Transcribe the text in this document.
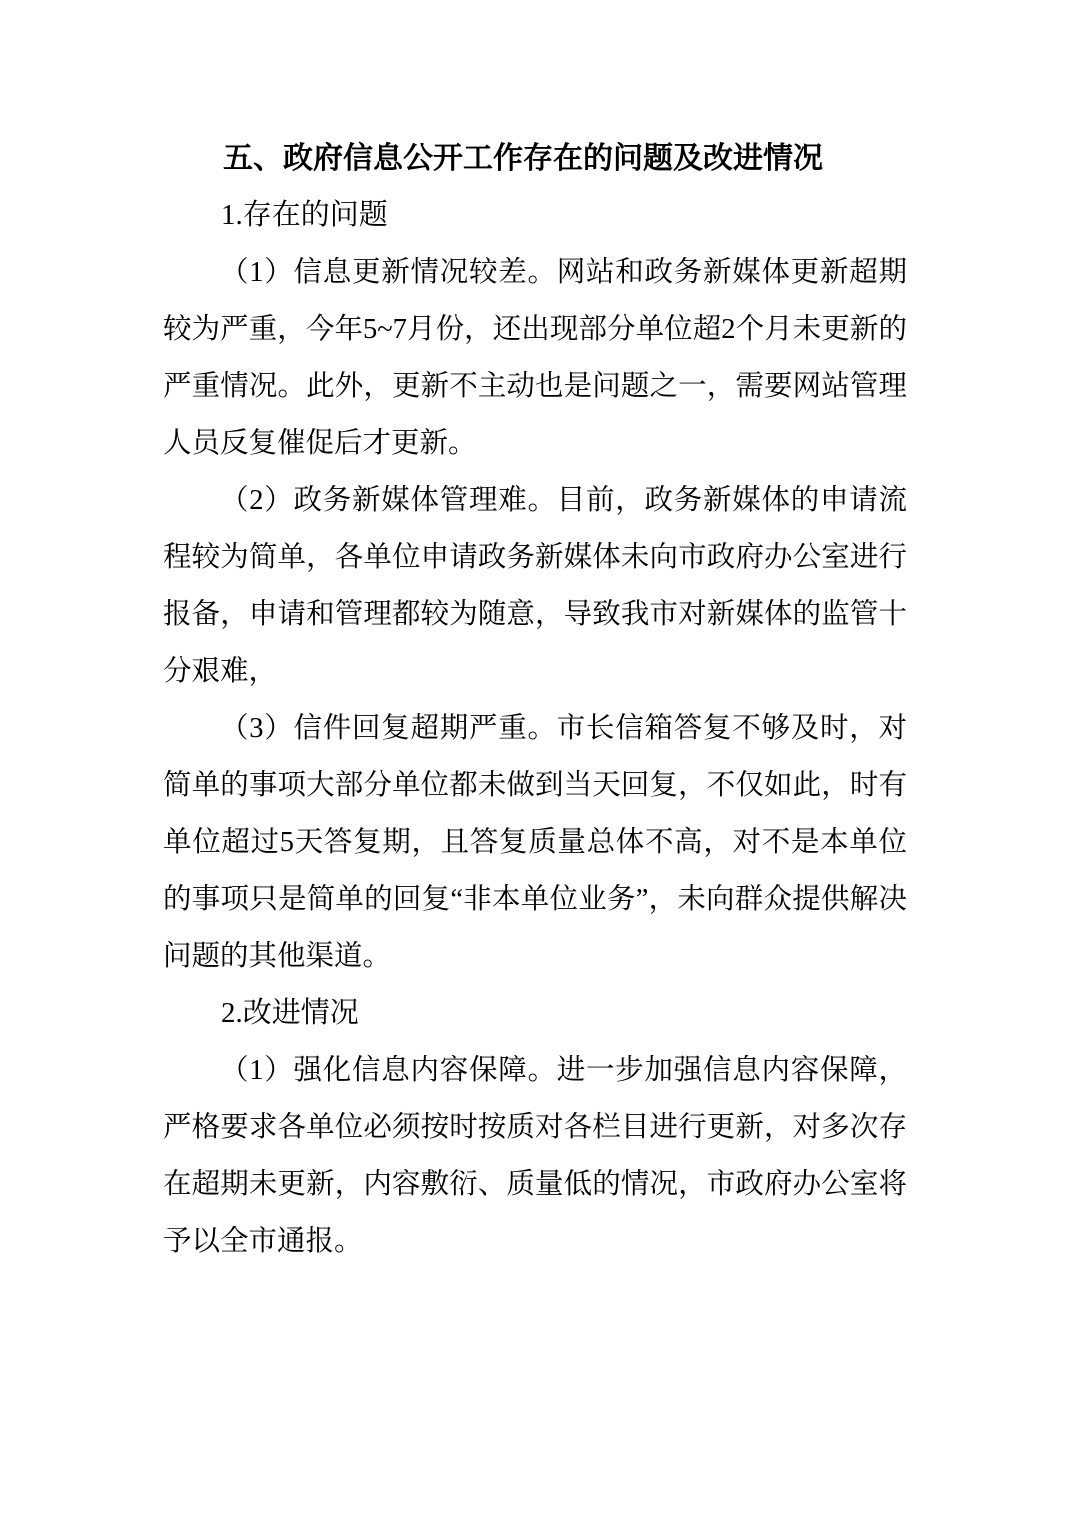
五、政府信息公开工作存在的问题及改进情况
1.存在的问题

（1）信息更新情况较差。网站和政务新媒体更新超期较为严重，今年5~7月份，还出现部分单位超2个月未更新的严重情况。此外，更新不主动也是问题之一，需要网站管理人员反复催促后才更新。

（2）政务新媒体管理难。目前，政务新媒体的申请流程较为简单，各单位申请政务新媒体未向市政府办公室进行报备，申请和管理都较为随意，导致我市对新媒体的监管十分艰难，

（3）信件回复超期严重。市长信箱答复不够及时，对简单的事项大部分单位都未做到当天回复，不仅如此，时有单位超过5天答复期，且答复质量总体不高，对不是本单位的事项只是简单的回复“非本单位业务”，未向群众提供解决问题的其他渠道。

2.改进情况

（1）强化信息内容保障。进一步加强信息内容保障，严格要求各单位必须按时按质对各栏目进行更新，对多次存在超期未更新，内容敷衍、质量低的情况，市政府办公室将予以全市通报。
